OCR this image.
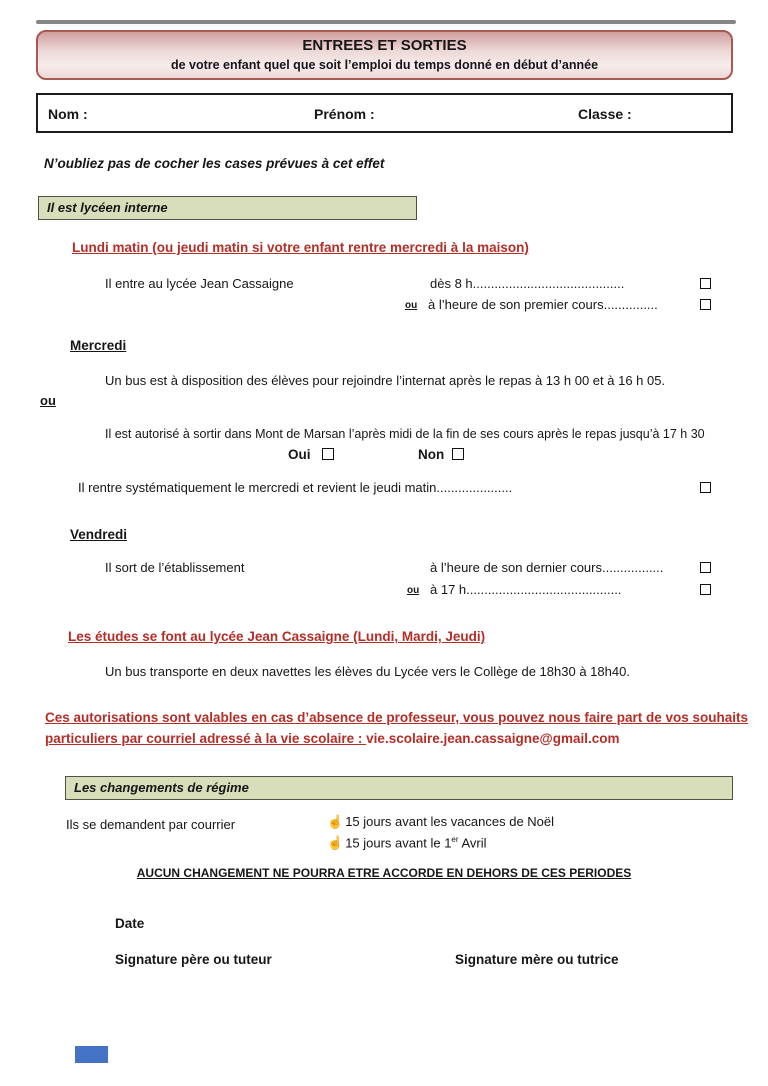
ENTREES ET SORTIES
de votre enfant quel que soit l’emploi du temps donné en début d’année
Nom :	Prénom :	Classe :
N’oubliez pas de cocher les cases prévues à cet effet
Il est lycéen interne
Lundi matin (ou jeudi matin si votre enfant rentre mercredi à la maison)
Il entre au lycée Jean Cassaigne	dès 8 h..........................................
ou à l’heure de son premier cours...............
Mercredi
Un bus est à disposition des élèves pour rejoindre l’internat après le repas à 13 h 00 et à 16 h 05.
ou
Il est autorisé à sortir dans Mont de Marsan l’après midi de la fin de ses cours après le repas jusqu’à 17 h 30
Oui	Non
Il rentre systématiquement le mercredi et revient le jeudi matin.....................
Vendredi
Il sort de l’établissement	à l’heure de son dernier cours.................
ou à 17 h...........................................
Les études se font au lycée Jean Cassaigne (Lundi, Mardi, Jeudi)
Un bus transporte en deux navettes les élèves du Lycée vers le Collège de 18h30 à 18h40.
Ces autorisations sont valables en cas d’absence de professeur, vous pouvez nous faire part de vos souhaits
particuliers par courriel adressé à la vie scolaire : vie.scolaire.jean.cassaigne@gmail.com
Les changements de régime
Ils se demandent par courrier	☝ 15 jours avant les vacances de Noël
☝ 15 jours avant le 1er Avril
AUCUN CHANGEMENT NE POURRA ETRE ACCORDE EN DEHORS DE CES PERIODES
Date
Signature père ou tuteur	Signature mère ou tutrice
